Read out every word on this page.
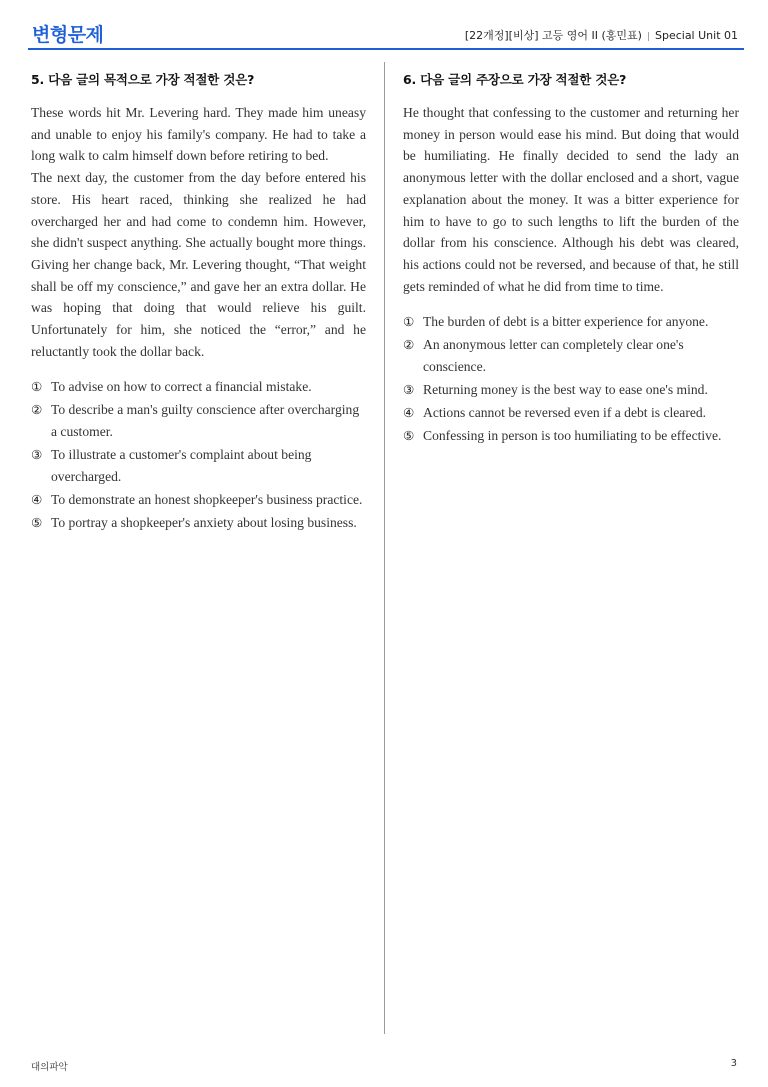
변형문제	[22개정][비상] 고등 영어 II (홍민표) | Special Unit 01
5. 다음 글의 목적으로 가장 적절한 것은?

These words hit Mr. Levering hard. They made him uneasy and unable to enjoy his family's company. He had to take a long walk to calm himself down before retiring to bed.

The next day, the customer from the day before entered his store. His heart raced, thinking she realized he had overcharged her and had come to condemn him. However, she didn't suspect anything. She actually bought more things. Giving her change back, Mr. Levering thought, “That weight shall be off my conscience,” and gave her an extra dollar. He was hoping that doing that would relieve his guilt. Unfortunately for him, she noticed the “error,” and he reluctantly took the dollar back.

① To advise on how to correct a financial mistake.
② To describe a man's guilty conscience after overcharging a customer.
③ To illustrate a customer's complaint about being overcharged.
④ To demonstrate an honest shopkeeper's business practice.
⑤ To portray a shopkeeper's anxiety about losing business.
6. 다음 글의 주장으로 가장 적절한 것은?

He thought that confessing to the customer and returning her money in person would ease his mind. But doing that would be humiliating. He finally decided to send the lady an anonymous letter with the dollar enclosed and a short, vague explanation about the money. It was a bitter experience for him to have to go to such lengths to lift the burden of the dollar from his conscience. Although his debt was cleared, his actions could not be reversed, and because of that, he still gets reminded of what he did from time to time.

① The burden of debt is a bitter experience for anyone.
② An anonymous letter can completely clear one's conscience.
③ Returning money is the best way to ease one's mind.
④ Actions cannot be reversed even if a debt is cleared.
⑤ Confessing in person is too humiliating to be effective.
대의파악	3
